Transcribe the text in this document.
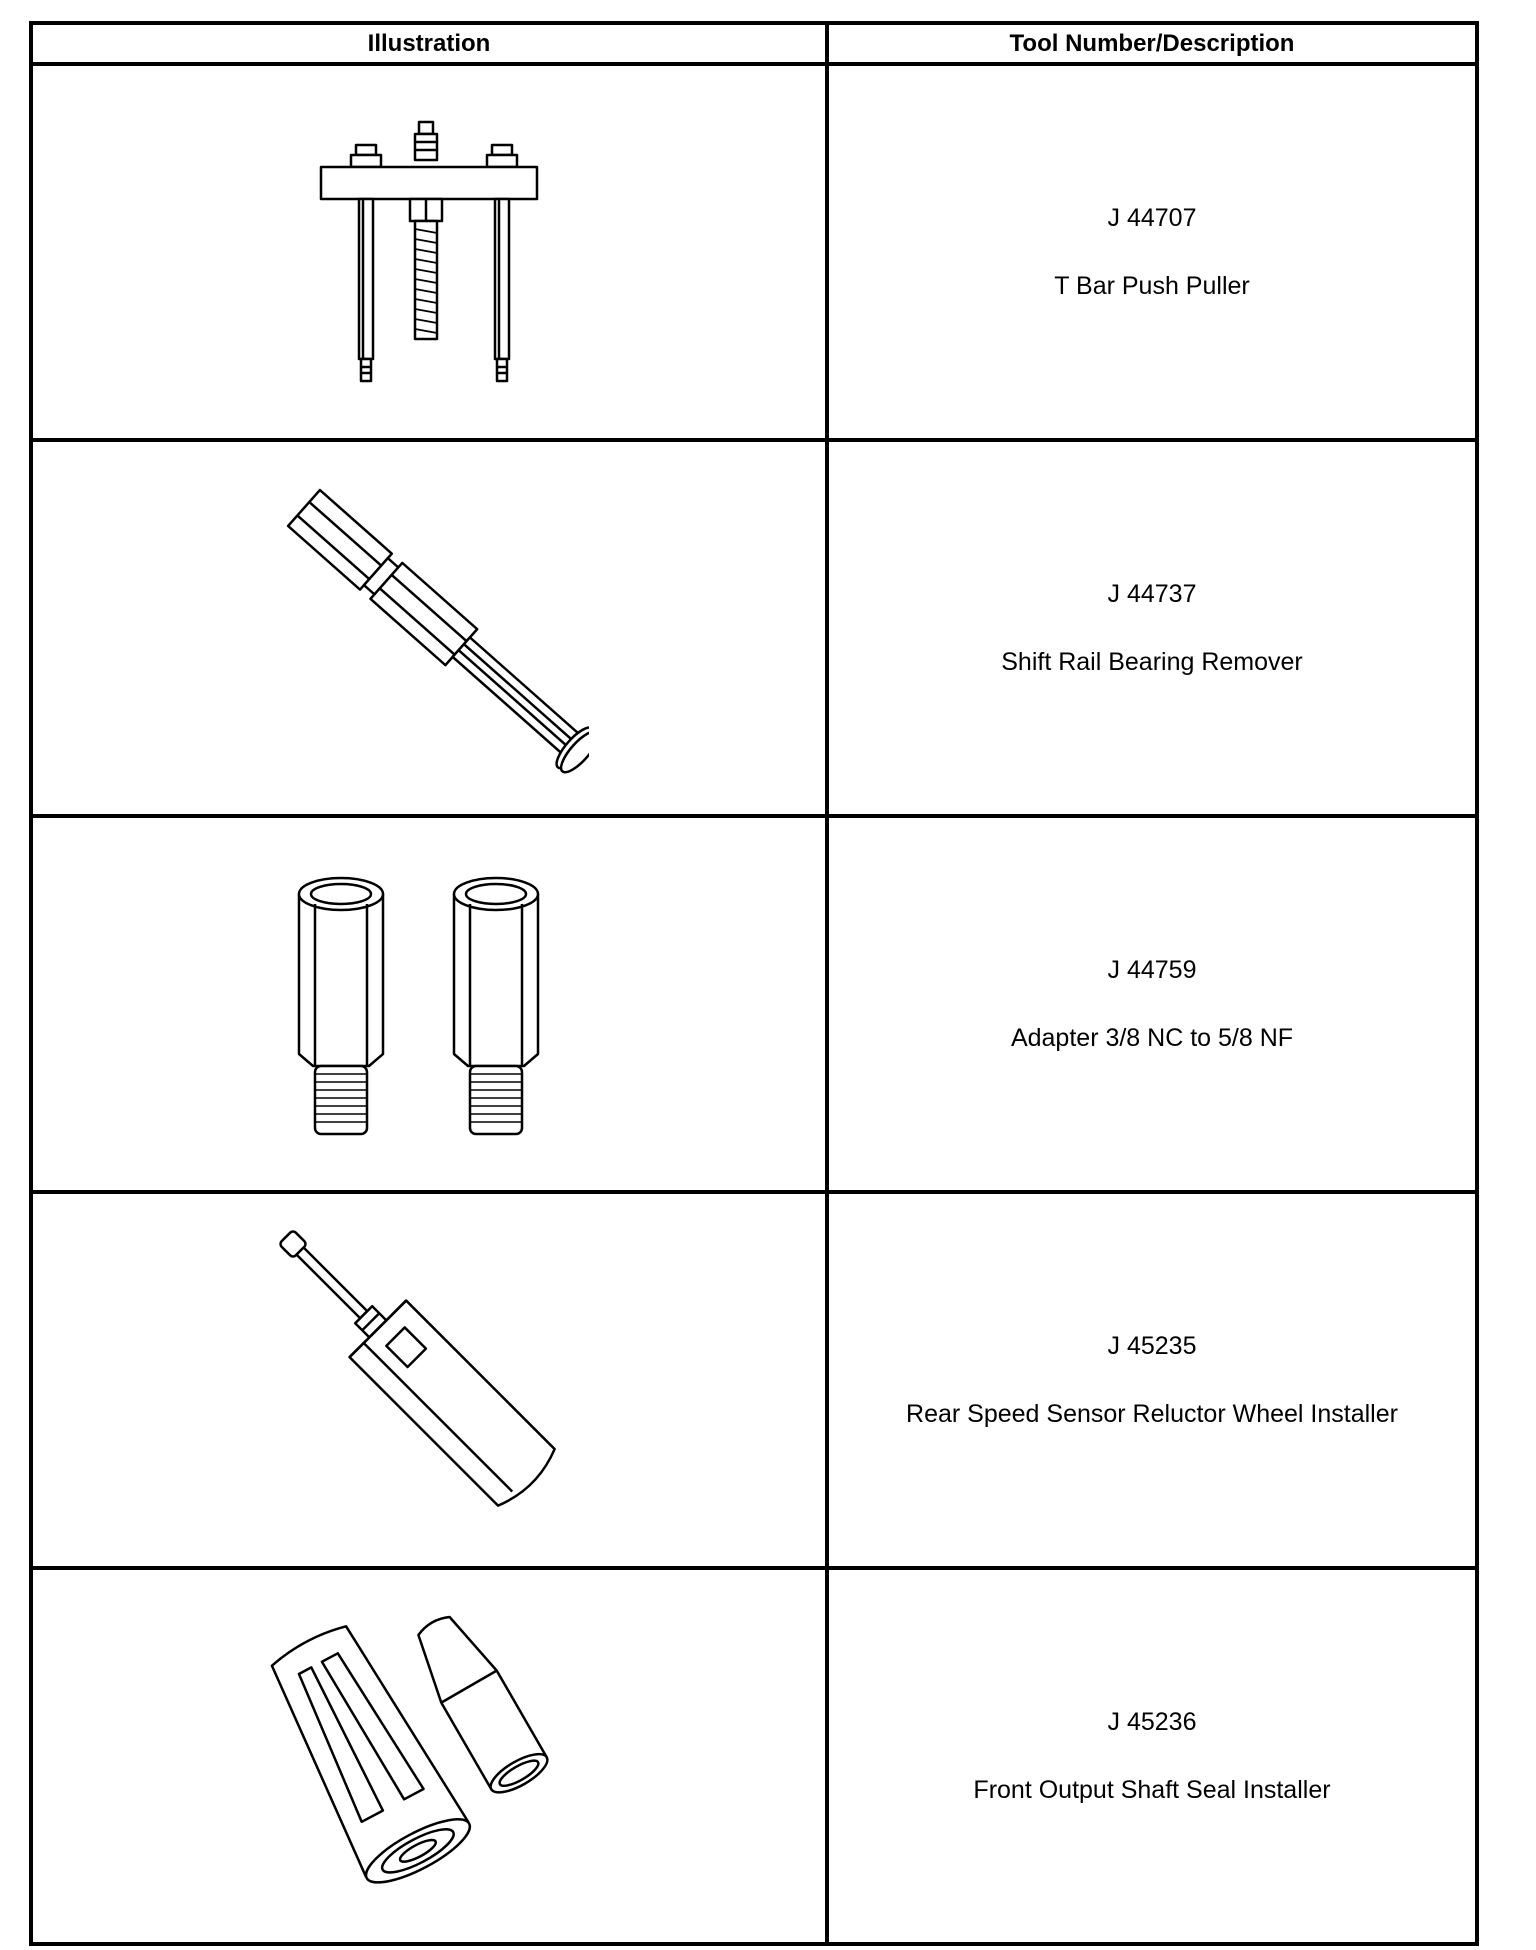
Illustration	Tool Number/Description

J 44707
T Bar Push Puller

J 44737
Shift Rail Bearing Remover

J 44759
Adapter 3/8 NC to 5/8 NF

J 45235
Rear Speed Sensor Reluctor Wheel Installer

J 45236
Front Output Shaft Seal Installer
